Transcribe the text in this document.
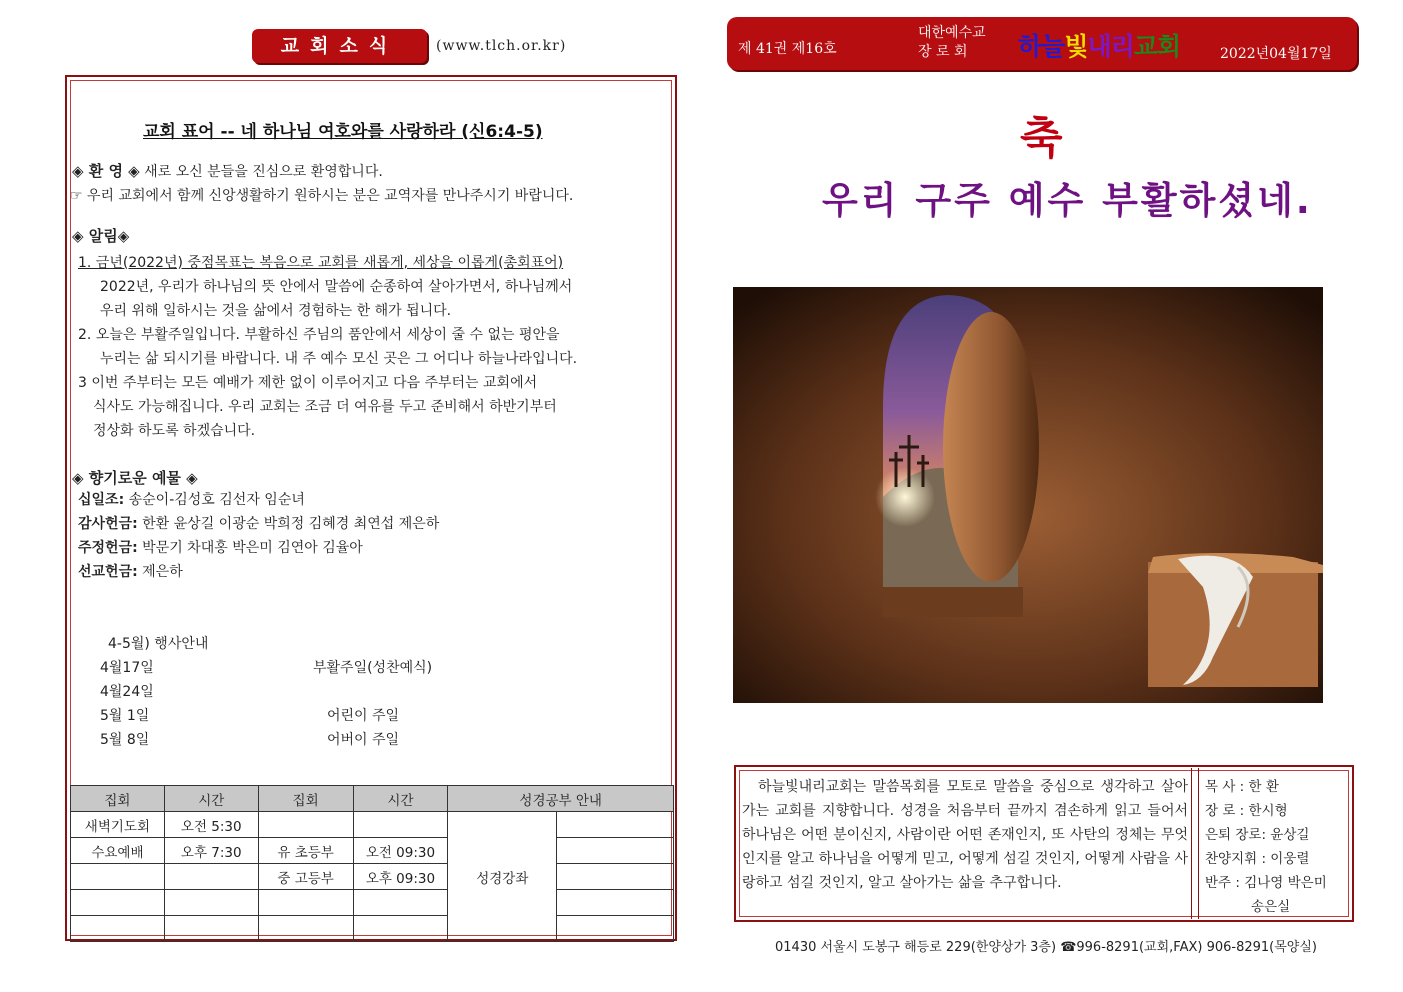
교회소식	(www.tlch.or.kr)
교회 표어 -- 네 하나님 여호와를 사랑하라 (신6:4-5)
◈ 환 영 ◈ 새로 오신 분들을 진심으로 환영합니다.
☞ 우리 교회에서 함께 신앙생활하기 원하시는 분은 교역자를 만나주시기 바랍니다.
◈ 알림◈
1. 금년(2022년) 중점목표는 복음으로 교회를 새롭게, 세상을 이롭게(총회표어)
2022년, 우리가 하나님의 뜻 안에서 말씀에 순종하여 살아가면서, 하나님께서
우리 위해 일하시는 것을 삶에서 경험하는 한 해가 됩니다.
2. 오늘은 부활주일입니다. 부활하신 주님의 품안에서 세상이 줄 수 없는 평안을
누리는 삶 되시기를 바랍니다. 내 주 예수 모신 곳은 그 어디나 하늘나라입니다.
3 이번 주부터는 모든 예배가 제한 없이 이루어지고 다음 주부터는 교회에서
식사도 가능해집니다. 우리 교회는 조금 더 여유를 두고 준비해서 하반기부터
정상화 하도록 하겠습니다.
◈ 향기로운 예물 ◈
십일조: 송순이-김성호 김선자 임순녀
감사헌금: 한환 윤상길 이광순 박희정 김혜경 최연섭 제은하
주정헌금: 박문기 차대홍 박은미 김연아 김율아
선교헌금: 제은하
4-5월) 행사안내
4월17일	부활주일(성찬예식)
4월24일
5월 1일	어린이 주일
5월 8일	어버이 주일
집회	시간	집회	시간	성경공부 안내	
새벽기도회	오전 5:30			성경강좌	
수요예배	오후 7:30	유 초등부	오전 09:30		
		중 고등부	오후 09:30		

제 41권 제16호
대한예수교
장 로 회	하늘빛내리교회	2022년04월17일
축
우리 구주 예수 부활하셨네.
하늘빛내리교회는 말씀목회를 모토로 말씀을 중심으로 생각하고 살아가는 교회를 지향합니다. 성경을 처음부터 끝까지 겸손하게 읽고 들어서 하나님은 어떤 분이신지, 사람이란 어떤 존재인지, 또 사탄의 정체는 무엇인지를 알고 하나님을 어떻게 믿고, 어떻게 섬길 것인지, 어떻게 사람을 사랑하고 섬길 것인지, 알고 살아가는 삶을 추구합니다.
목 사 : 한 환
장 로 : 한시형
은퇴 장로: 윤상길
찬양지휘 : 이웅렬
반주 : 김나영 박은미
송은실
01430 서울시 도봉구 해등로 229(한양상가 3층) ☎996-8291(교회,FAX) 906-8291(목양실)
